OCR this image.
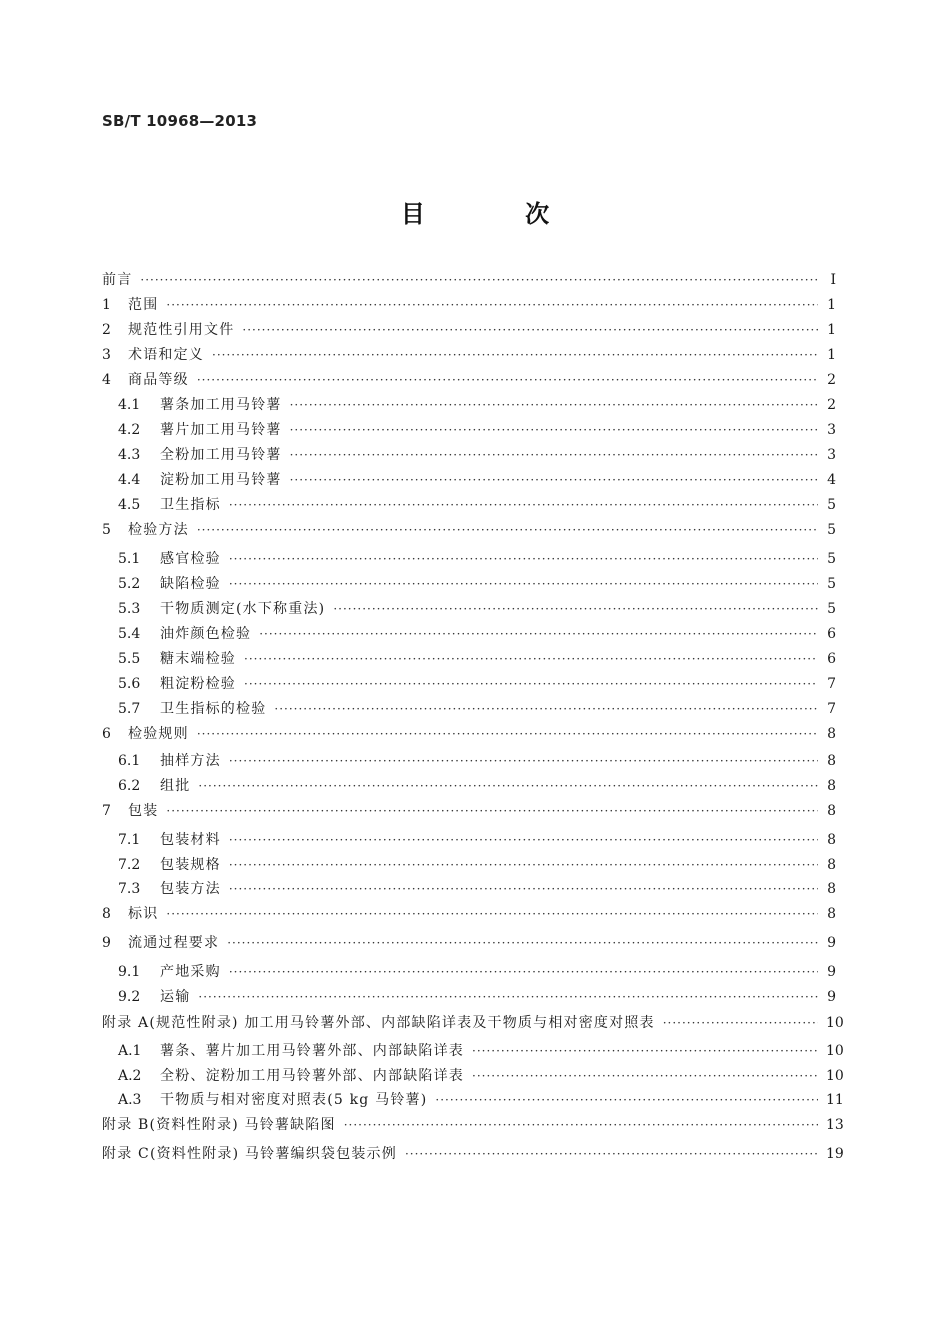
SB/T 10968—2013
目 次
前言 ·····	I
1	范围 ·····	1
2	规范性引用文件 ·····	1
3	术语和定义 ·····	1
4	商品等级 ·····	2
4.1	薯条加工用马铃薯 ·····	2
4.2	薯片加工用马铃薯 ·····	3
4.3	全粉加工用马铃薯 ·····	3
4.4	淀粉加工用马铃薯 ·····	4
4.5	卫生指标 ·····	5
5	检验方法 ·····	5
5.1	感官检验 ·····	5
5.2	缺陷检验 ·····	5
5.3	干物质测定(水下称重法) ·····	5
5.4	油炸颜色检验 ·····	6
5.5	糖末端检验 ·····	6
5.6	粗淀粉检验 ·····	7
5.7	卫生指标的检验 ·····	7
6	检验规则 ·····	8
6.1	抽样方法 ·····	8
6.2	组批 ·····	8
7	包装 ·····	8
7.1	包装材料 ·····	8
7.2	包装规格 ·····	8
7.3	包装方法 ·····	8
8	标识 ·····	8
9	流通过程要求 ·····	9
9.1	产地采购 ·····	9
9.2	运输 ·····	9
附录 A(规范性附录) 加工用马铃薯外部、内部缺陷详表及干物质与相对密度对照表 ·····	10
A.1	薯条、薯片加工用马铃薯外部、内部缺陷详表 ·····	10
A.2	全粉、淀粉加工用马铃薯外部、内部缺陷详表 ·····	10
A.3	干物质与相对密度对照表(5 kg 马铃薯) ·····	11
附录 B(资料性附录) 马铃薯缺陷图 ·····	13
附录 C(资料性附录) 马铃薯编织袋包装示例 ·····	19
